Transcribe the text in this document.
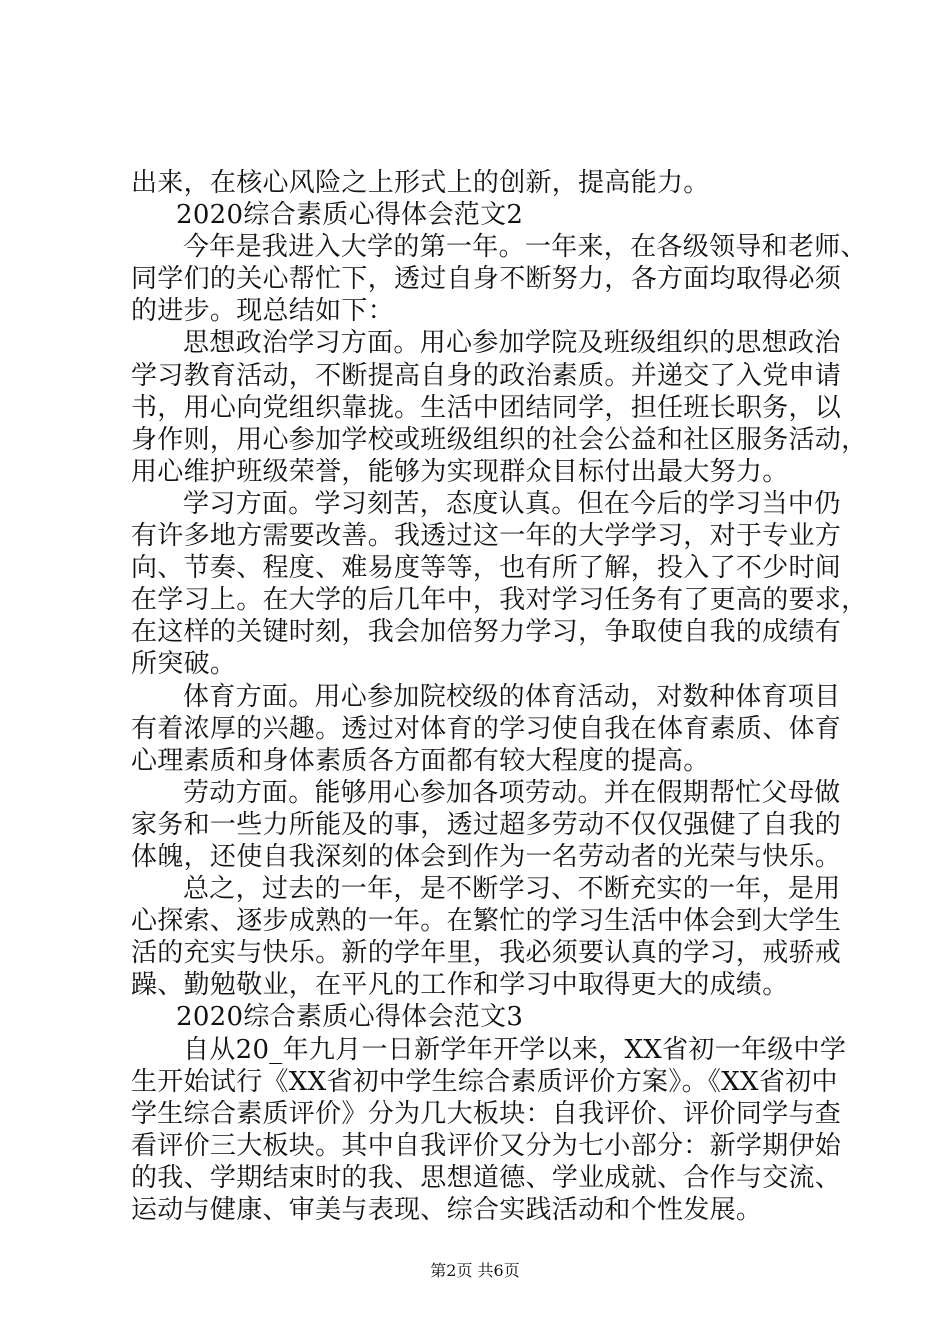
出来，在核心风险之上形式上的创新，提高能力。
2020综合素质心得体会范文2
今年是我进入大学的第一年。一年来，在各级领导和老师、
同学们的关心帮忙下，透过自身不断努力，各方面均取得必须
的进步。现总结如下：
思想政治学习方面。用心参加学院及班级组织的思想政治
学习教育活动，不断提高自身的政治素质。并递交了入党申请
书，用心向党组织靠拢。生活中团结同学，担任班长职务，以
身作则，用心参加学校或班级组织的社会公益和社区服务活动，
用心维护班级荣誉，能够为实现群众目标付出最大努力。
学习方面。学习刻苦，态度认真。但在今后的学习当中仍
有许多地方需要改善。我透过这一年的大学学习，对于专业方
向、节奏、程度、难易度等等，也有所了解，投入了不少时间
在学习上。在大学的后几年中，我对学习任务有了更高的要求，
在这样的关键时刻，我会加倍努力学习，争取使自我的成绩有
所突破。
体育方面。用心参加院校级的体育活动，对数种体育项目
有着浓厚的兴趣。透过对体育的学习使自我在体育素质、体育
心理素质和身体素质各方面都有较大程度的提高。
劳动方面。能够用心参加各项劳动。并在假期帮忙父母做
家务和一些力所能及的事，透过超多劳动不仅仅强健了自我的
体魄，还使自我深刻的体会到作为一名劳动者的光荣与快乐。
总之，过去的一年，是不断学习、不断充实的一年，是用
心探索、逐步成熟的一年。在繁忙的学习生活中体会到大学生
活的充实与快乐。新的学年里，我必须要认真的学习，戒骄戒
躁、勤勉敬业，在平凡的工作和学习中取得更大的成绩。
2020综合素质心得体会范文3
自从20_年九月一日新学年开学以来，XX省初一年级中学
生开始试行《XX省初中学生综合素质评价方案》。《XX省初中
学生综合素质评价》分为几大板块：自我评价、评价同学与查
看评价三大板块。其中自我评价又分为七小部分：新学期伊始
的我、学期结束时的我、思想道德、学业成就、合作与交流、
运动与健康、审美与表现、综合实践活动和个性发展。
第2页 共6页
